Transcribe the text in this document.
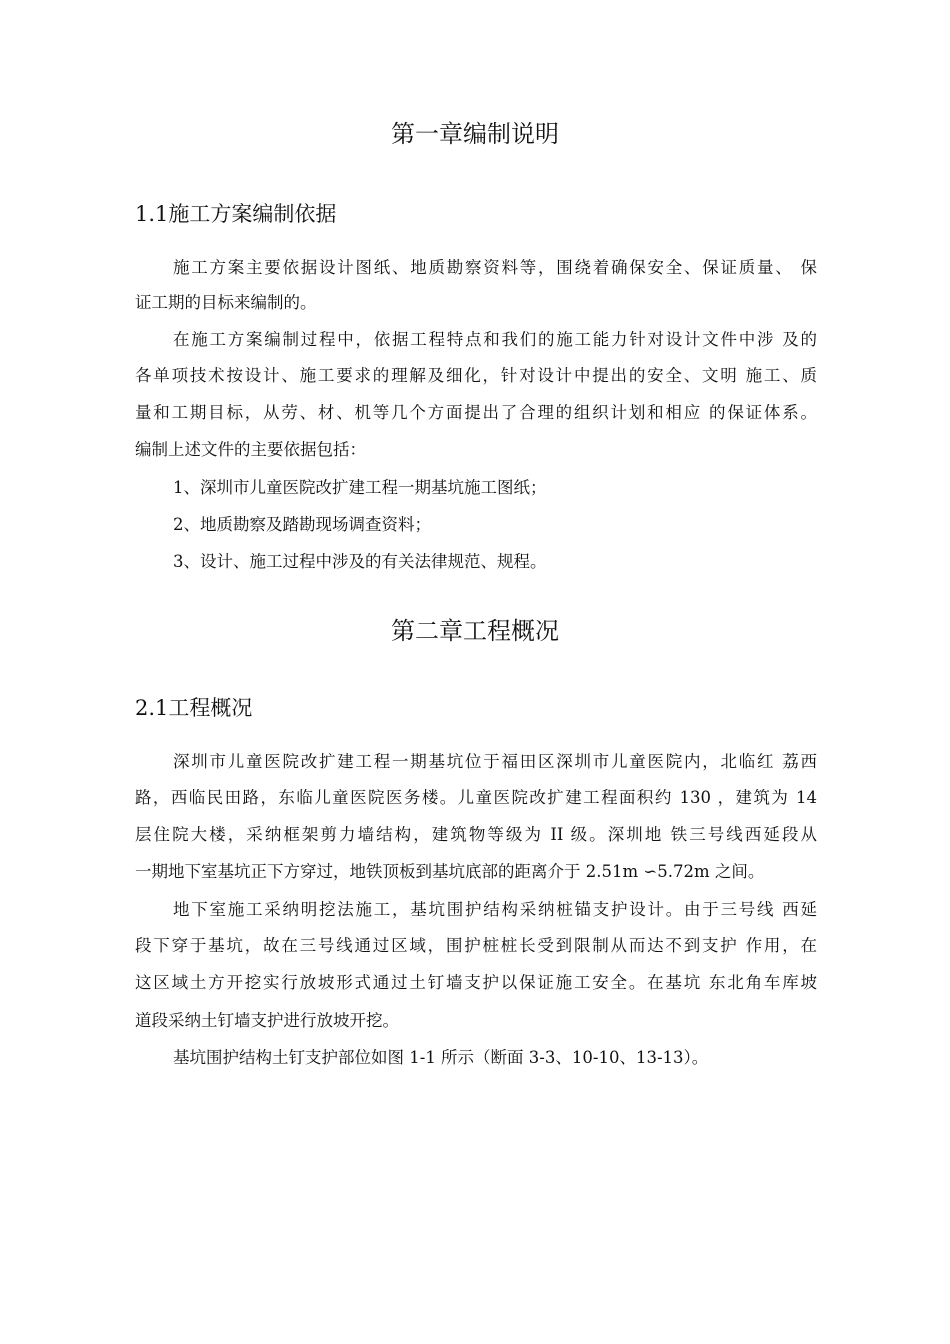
第一章编制说明
1.1施工方案编制依据
施工方案主要依据设计图纸、地质勘察资料等，围绕着确保安全、保证质量、 保
证工期的目标来编制的。
在施工方案编制过程中，依据工程特点和我们的施工能力针对设计文件中涉 及的
各单项技术按设计、施工要求的理解及细化，针对设计中提出的安全、文明 施工、质
量和工期目标，从劳、材、机等几个方面提出了合理的组织计划和相应 的保证体系。
编制上述文件的主要依据包括：
1、深圳市儿童医院改扩建工程一期基坑施工图纸；
2、地质勘察及踏勘现场调查资料；
3、设计、施工过程中涉及的有关法律规范、规程。
第二章工程概况
2.1工程概况
深圳市儿童医院改扩建工程一期基坑位于福田区深圳市儿童医院内，北临红 荔西
路，西临民田路，东临儿童医院医务楼。儿童医院改扩建工程面积约 130 ，建筑为 14
层住院大楼，采纳框架剪力墙结构，建筑物等级为 II 级。深圳地 铁三号线西延段从
一期地下室基坑正下方穿过，地铁顶板到基坑底部的距离介于 2.51m ∽5.72m 之间。
地下室施工采纳明挖法施工，基坑围护结构采纳桩锚支护设计。由于三号线 西延
段下穿于基坑，故在三号线通过区域，围护桩桩长受到限制从而达不到支护 作用，在
这区域土方开挖实行放坡形式通过土钉墙支护以保证施工安全。在基坑 东北角车库坡
道段采纳土钉墙支护进行放坡开挖。
基坑围护结构土钉支护部位如图 1-1 所示（断面 3-3、10-10、13-13）。
